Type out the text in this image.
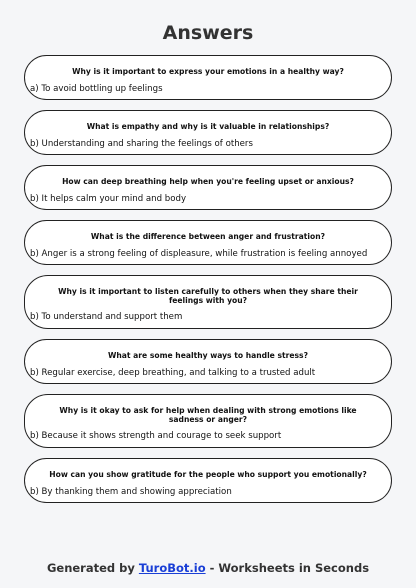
Answers
Why is it important to express your emotions in a healthy way?
a) To avoid bottling up feelings
What is empathy and why is it valuable in relationships?
b) Understanding and sharing the feelings of others
How can deep breathing help when you're feeling upset or anxious?
b) It helps calm your mind and body
What is the difference between anger and frustration?
b) Anger is a strong feeling of displeasure, while frustration is feeling annoyed
Why is it important to listen carefully to others when they share their feelings with you?
b) To understand and support them
What are some healthy ways to handle stress?
b) Regular exercise, deep breathing, and talking to a trusted adult
Why is it okay to ask for help when dealing with strong emotions like sadness or anger?
b) Because it shows strength and courage to seek support
How can you show gratitude for the people who support you emotionally?
b) By thanking them and showing appreciation
Generated by TuroBot.io - Worksheets in Seconds
